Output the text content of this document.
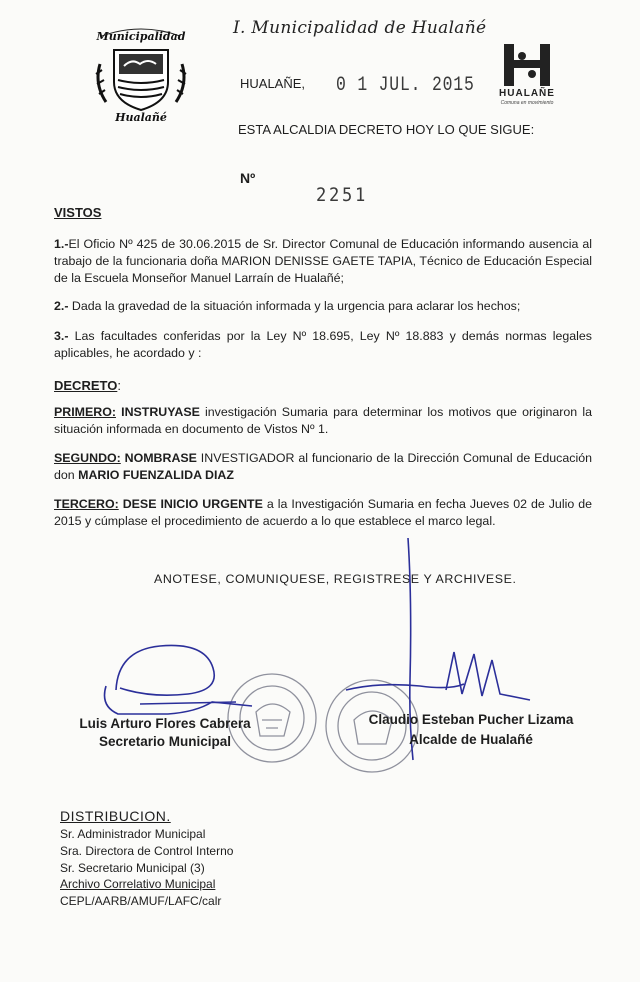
I. Municipalidad de Hualañé
Municipalidad
Hualañé
HUALAÑE
Comuna en movimiento
HUALAÑE, 0 1 JUL. 2015
ESTA ALCALDIA DECRETO HOY LO QUE SIGUE:
Nº
2251
VISTOS
1.-El Oficio Nº 425 de 30.06.2015 de Sr. Director Comunal de Educación informando ausencia al trabajo de la funcionaria doña MARION DENISSE GAETE TAPIA, Técnico de Educación Especial de la Escuela Monseñor Manuel Larraín de Hualañé;
2.- Dada la gravedad de la situación informada y la urgencia para aclarar los hechos;
3.- Las facultades conferidas por la Ley Nº 18.695, Ley Nº 18.883 y demás normas legales aplicables, he acordado y :
DECRETO:
PRIMERO: INSTRUYASE investigación Sumaria para determinar los motivos que originaron la situación informada en documento de Vistos Nº 1.
SEGUNDO: NOMBRASE INVESTIGADOR al funcionario de la Dirección Comunal de Educación don MARIO FUENZALIDA DIAZ
TERCERO: DESE INICIO URGENTE a la Investigación Sumaria en fecha Jueves 02 de Julio de 2015 y cúmplase el procedimiento de acuerdo a lo que establece el marco legal.
ANOTESE, COMUNIQUESE, REGISTRESE Y ARCHIVESE.
Luis Arturo Flores Cabrera
Secretario Municipal
Claudio Esteban Pucher Lizama
Alcalde de Hualañé
DISTRIBUCION.
Sr. Administrador Municipal
Sra. Directora de Control Interno
Sr. Secretario Municipal (3)
Archivo Correlativo Municipal
CEPL/AARB/AMUF/LAFC/calr
